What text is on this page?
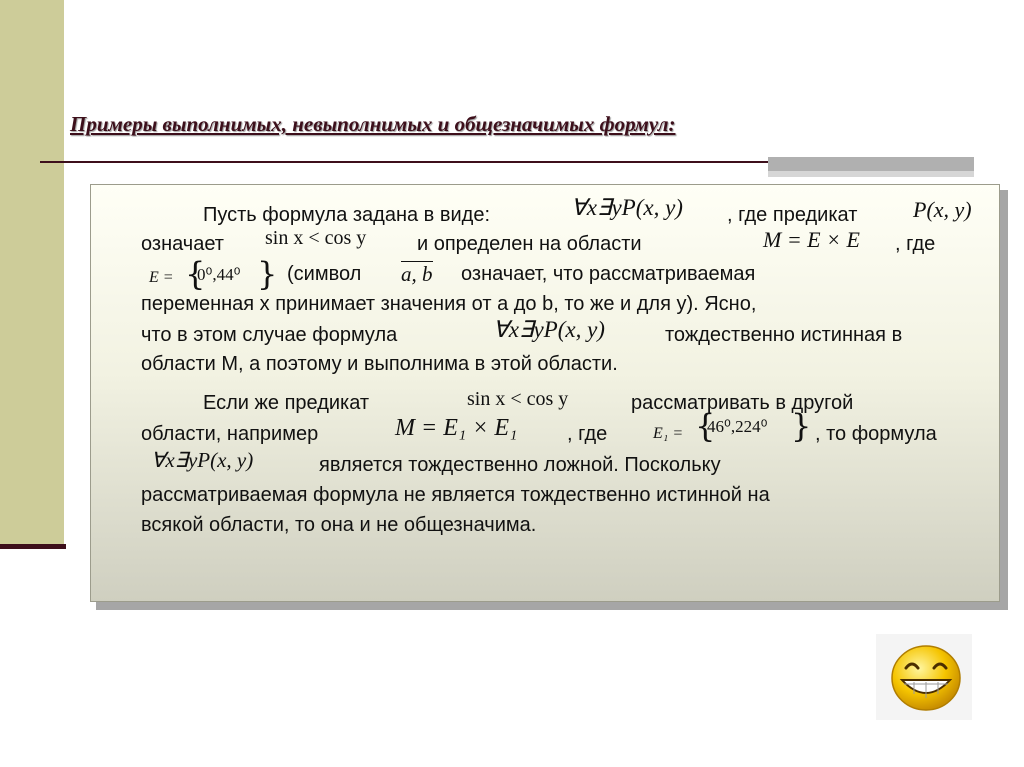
Примеры выполнимых, невыполнимых и общезначимых формул:
Пусть формула задана в виде:	∀x∃yP(x, y) , где предикат	P(x, y)
означает sin x < cos y	и определен на области	M = E × E , где
E = {
0⁰,44⁰ } (символ a, b означает, что рассматриваемая
переменная x принимает значения от a до b, то же и для y). Ясно,
что в этом случае формула	∀x∃yP(x, y)	тождественно истинная в
области М, а поэтому и выполнима в этой области.
Если же предикат	sin x < cos y	рассматривать в другой
области, например	M = E₁ × E₁ , где	E₁ = {
46⁰,224⁰ } , то формула
∀x∃yP(x, y)	является тождественно ложной. Поскольку
рассматриваемая формула не является тождественно истинной на
всякой области, то она и не общезначима.
